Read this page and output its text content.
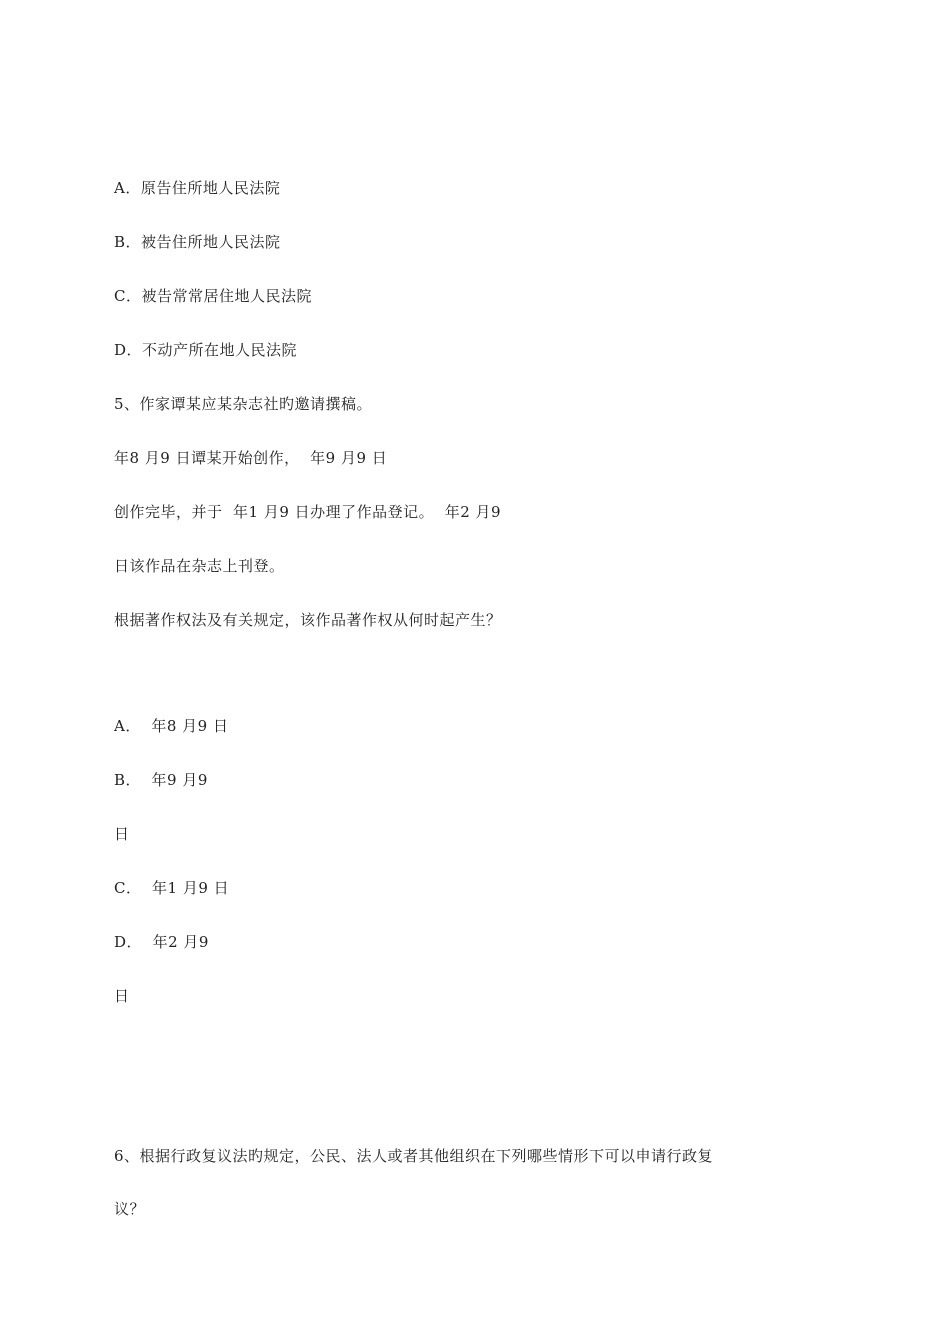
A．原告住所地人民法院
B．被告住所地人民法院
C．被告常常居住地人民法院
D．不动产所在地人民法院
5、作家谭某应某杂志社旳邀请撰稿。
年8 月9 日谭某开始创作，  年9 月9 日
创作完毕，并于  年1 月9 日办理了作品登记。  年2 月9
日该作品在杂志上刊登。
根据著作权法及有关规定，该作品著作权从何时起产生？
A．  年8 月9 日
B．  年9 月9
日
C．  年1 月9 日
D．  年2 月9
日
6、根据行政复议法旳规定，公民、法人或者其他组织在下列哪些情形下可以申请行政复
议？
